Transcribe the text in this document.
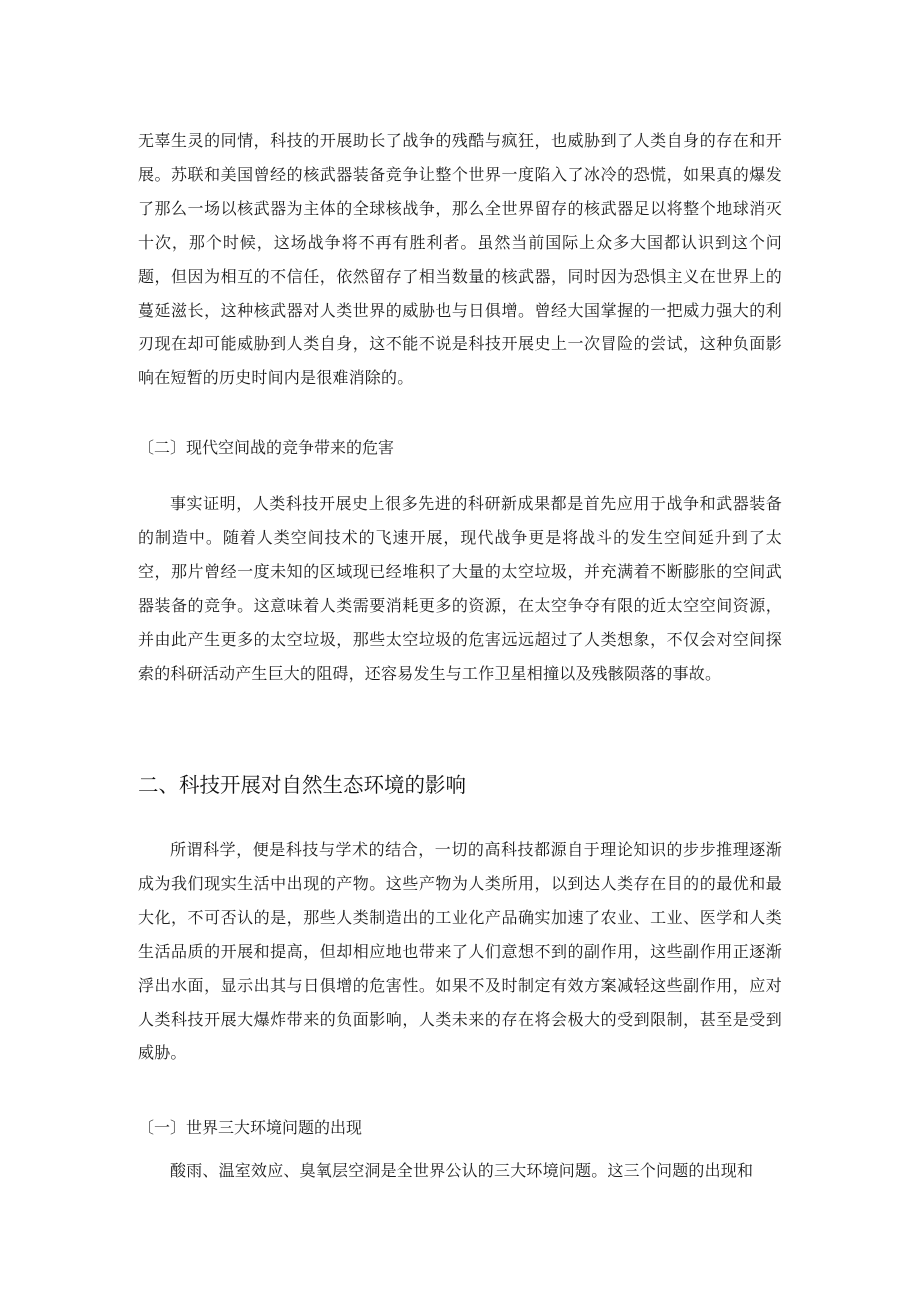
无辜生灵的同情，科技的开展助长了战争的残酷与疯狂，也威胁到了人类自身的存在和开展。苏联和美国曾经的核武器装备竞争让整个世界一度陷入了冰冷的恐慌，如果真的爆发了那么一场以核武器为主体的全球核战争，那么全世界留存的核武器足以将整个地球消灭十次，那个时候，这场战争将不再有胜利者。虽然当前国际上众多大国都认识到这个问题，但因为相互的不信任，依然留存了相当数量的核武器，同时因为恐惧主义在世界上的蔓延滋长，这种核武器对人类世界的威胁也与日俱增。曾经大国掌握的一把威力强大的利刃现在却可能威胁到人类自身，这不能不说是科技开展史上一次冒险的尝试，这种负面影响在短暂的历史时间内是很难消除的。

〔二〕现代空间战的竞争带来的危害

事实证明，人类科技开展史上很多先进的科研新成果都是首先应用于战争和武器装备的制造中。随着人类空间技术的飞速开展，现代战争更是将战斗的发生空间延升到了太空，那片曾经一度未知的区域现已经堆积了大量的太空垃圾，并充满着不断膨胀的空间武器装备的竞争。这意味着人类需要消耗更多的资源，在太空争夺有限的近太空空间资源，并由此产生更多的太空垃圾，那些太空垃圾的危害远远超过了人类想象，不仅会对空间探索的科研活动产生巨大的阻碍，还容易发生与工作卫星相撞以及残骸陨落的事故。

二、科技开展对自然生态环境的影响

所谓科学，便是科技与学术的结合，一切的高科技都源自于理论知识的步步推理逐渐成为我们现实生活中出现的产物。这些产物为人类所用，以到达人类存在目的的最优和最大化，不可否认的是，那些人类制造出的工业化产品确实加速了农业、工业、医学和人类生活品质的开展和提高，但却相应地也带来了人们意想不到的副作用，这些副作用正逐渐浮出水面，显示出其与日俱增的危害性。如果不及时制定有效方案减轻这些副作用，应对人类科技开展大爆炸带来的负面影响，人类未来的存在将会极大的受到限制，甚至是受到威胁。

〔一〕世界三大环境问题的出现

酸雨、温室效应、臭氧层空洞是全世界公认的三大环境问题。这三个问题的出现和
